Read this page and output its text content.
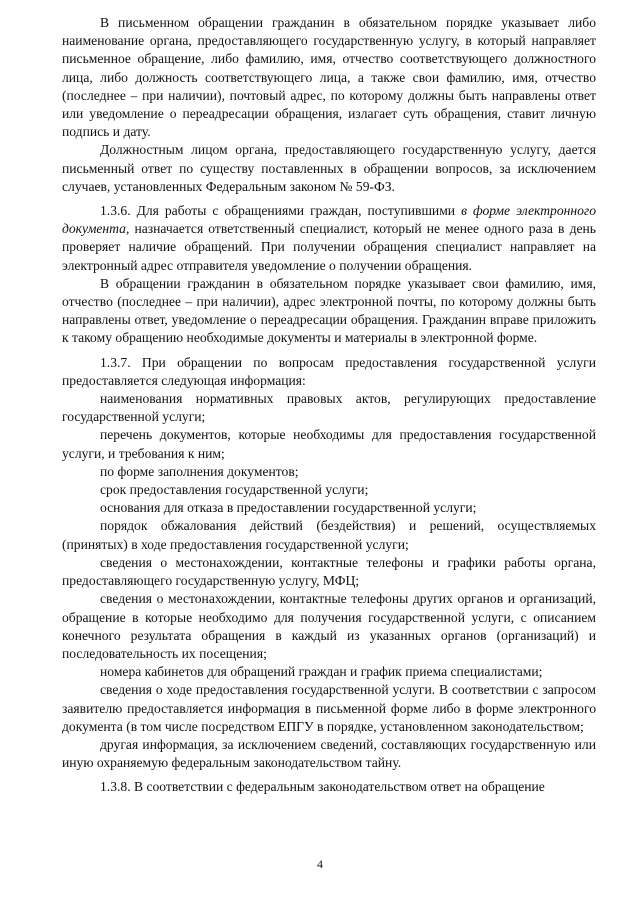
В письменном обращении гражданин в обязательном порядке указывает либо наименование органа, предоставляющего государственную услугу, в который направляет письменное обращение, либо фамилию, имя, отчество соответствующего должностного лица, либо должность соответствующего лица, а также свои фамилию, имя, отчество (последнее – при наличии), почтовый адрес, по которому должны быть направлены ответ или уведомление о переадресации обращения, излагает суть обращения, ставит личную подпись и дату.

Должностным лицом органа, предоставляющего государственную услугу, дается письменный ответ по существу поставленных в обращении вопросов, за исключением случаев, установленных Федеральным законом № 59-ФЗ.

1.3.6. Для работы с обращениями граждан, поступившими в форме электронного документа, назначается ответственный специалист, который не менее одного раза в день проверяет наличие обращений. При получении обращения специалист направляет на электронный адрес отправителя уведомление о получении обращения.

В обращении гражданин в обязательном порядке указывает свои фамилию, имя, отчество (последнее – при наличии), адрес электронной почты, по которому должны быть направлены ответ, уведомление о переадресации обращения. Гражданин вправе приложить к такому обращению необходимые документы и материалы в электронной форме.

1.3.7. При обращении по вопросам предоставления государственной услуги предоставляется следующая информация:

наименования нормативных правовых актов, регулирующих предоставление государственной услуги;

перечень документов, которые необходимы для предоставления государственной услуги, и требования к ним;

по форме заполнения документов;

срок предоставления государственной услуги;

основания для отказа в предоставлении государственной услуги;

порядок обжалования действий (бездействия) и решений, осуществляемых (принятых) в ходе предоставления государственной услуги;

сведения о местонахождении, контактные телефоны и графики работы органа, предоставляющего государственную услугу, МФЦ;

сведения о местонахождении, контактные телефоны других органов и организаций, обращение в которые необходимо для получения государственной услуги, с описанием конечного результата обращения в каждый из указанных органов (организаций) и последовательность их посещения;

номера кабинетов для обращений граждан и график приема специалистами;

сведения о ходе предоставления государственной услуги. В соответствии с запросом заявителю предоставляется информация в письменной форме либо в форме электронного документа (в том числе посредством ЕПГУ в порядке, установленном законодательством;

другая информация, за исключением сведений, составляющих государственную или иную охраняемую федеральным законодательством тайну.

1.3.8. В соответствии с федеральным законодательством ответ на обращение

4
